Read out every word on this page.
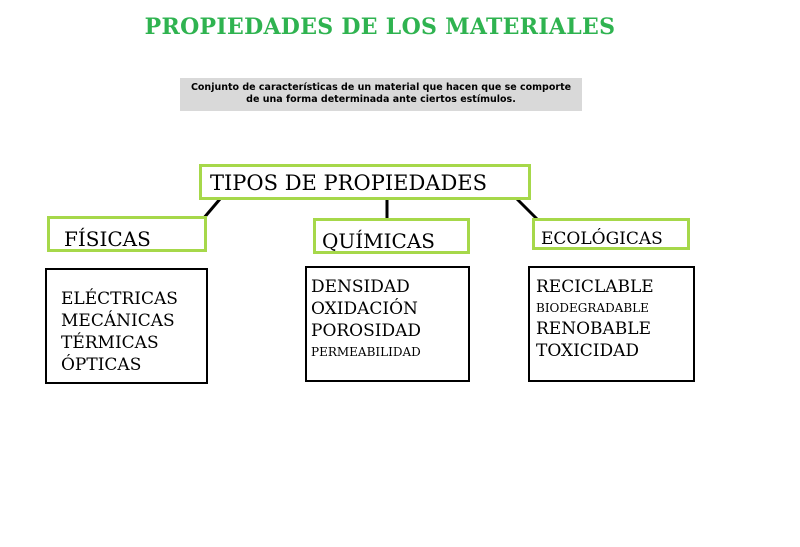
PROPIEDADES DE LOS MATERIALES
Conjunto de características de un material que hacen que se comporte
de una forma determinada ante ciertos estímulos.
TIPOS DE PROPIEDADES
FÍSICAS	QUÍMICAS	ECOLÓGICAS
ELÉCTRICAS
MECÁNICAS
TÉRMICAS
ÓPTICAS
DENSIDAD
OXIDACIÓN
POROSIDAD
PERMEABILIDAD
RECICLABLE
BIODEGRADABLE
RENOBABLE
TOXICIDAD
